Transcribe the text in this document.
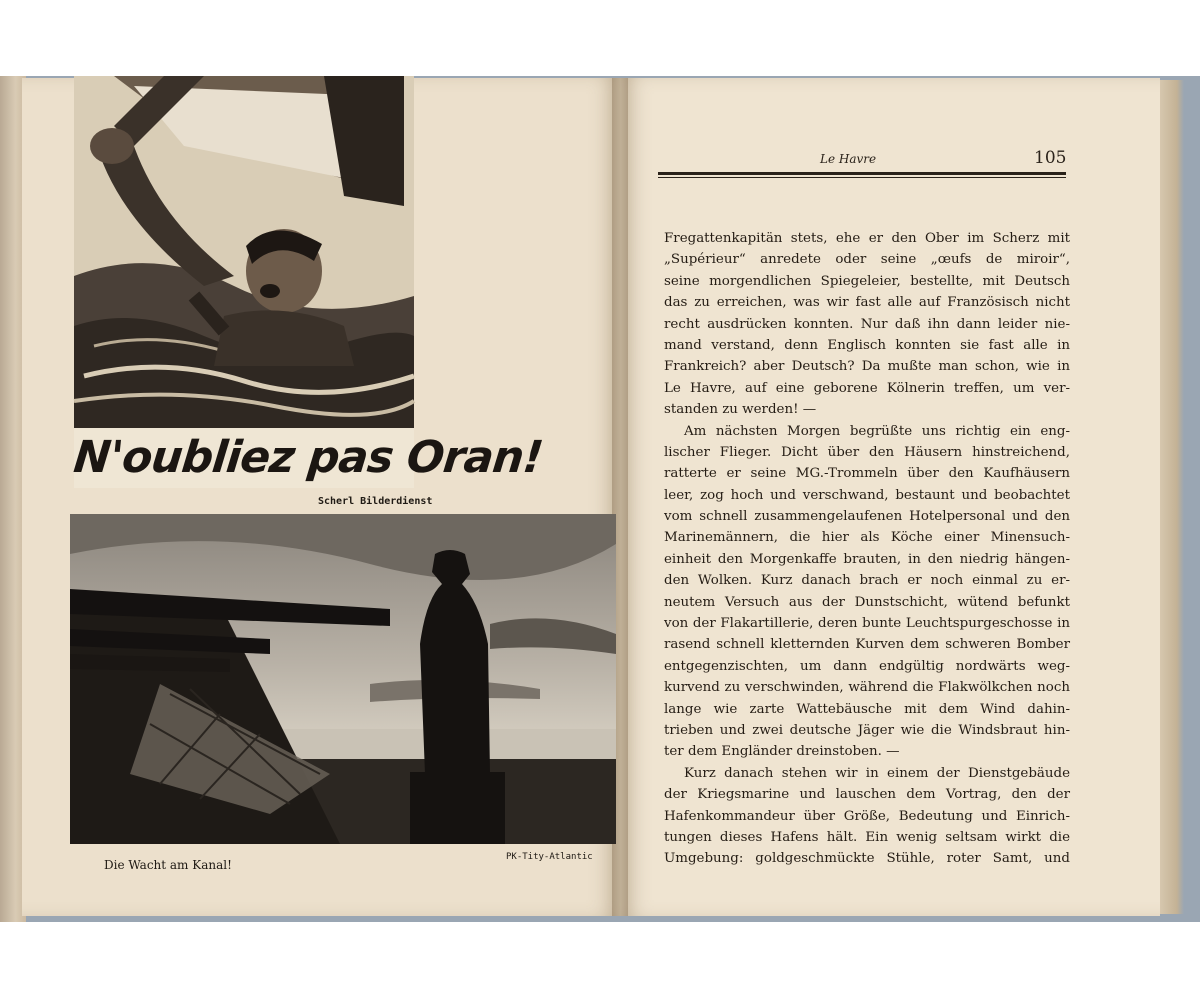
N'oubliez pas Oran!
Scherl Bilderdienst
Die Wacht am Kanal!
PK-Tity-Atlantic
Le Havre	105
Fregattenkapitän stets, ehe er den Ober im Scherz mit
„Supérieur“ anredete oder seine „œufs de miroir“,
seine morgendlichen Spiegeleier, bestellte, mit Deutsch
das zu erreichen, was wir fast alle auf Französisch nicht
recht ausdrücken konnten. Nur daß ihn dann leider nie-
mand verstand, denn Englisch konnten sie fast alle in
Frankreich? aber Deutsch? Da mußte man schon, wie in
Le Havre, auf eine geborene Kölnerin treffen, um ver-
standen zu werden! —
Am nächsten Morgen begrüßte uns richtig ein eng-
lischer Flieger. Dicht über den Häusern hinstreichend,
ratterte er seine MG.-Trommeln über den Kaufhäusern
leer, zog hoch und verschwand, bestaunt und beobachtet
vom schnell zusammengelaufenen Hotelpersonal und den
Marinemännern, die hier als Köche einer Minensuch-
einheit den Morgenkaffe brauten, in den niedrig hängen-
den Wolken. Kurz danach brach er noch einmal zu er-
neutem Versuch aus der Dunstschicht, wütend befunkt
von der Flakartillerie, deren bunte Leuchtspurgeschosse in
rasend schnell kletternden Kurven dem schweren Bomber
entgegenzischten, um dann endgültig nordwärts weg-
kurvend zu verschwinden, während die Flakwölkchen noch
lange wie zarte Wattebäusche mit dem Wind dahin-
trieben und zwei deutsche Jäger wie die Windsbraut hin-
ter dem Engländer dreinstoben. —
Kurz danach stehen wir in einem der Dienstgebäude
der Kriegsmarine und lauschen dem Vortrag, den der
Hafenkommandeur über Größe, Bedeutung und Einrich-
tungen dieses Hafens hält. Ein wenig seltsam wirkt die
Umgebung: goldgeschmückte Stühle, roter Samt, und
